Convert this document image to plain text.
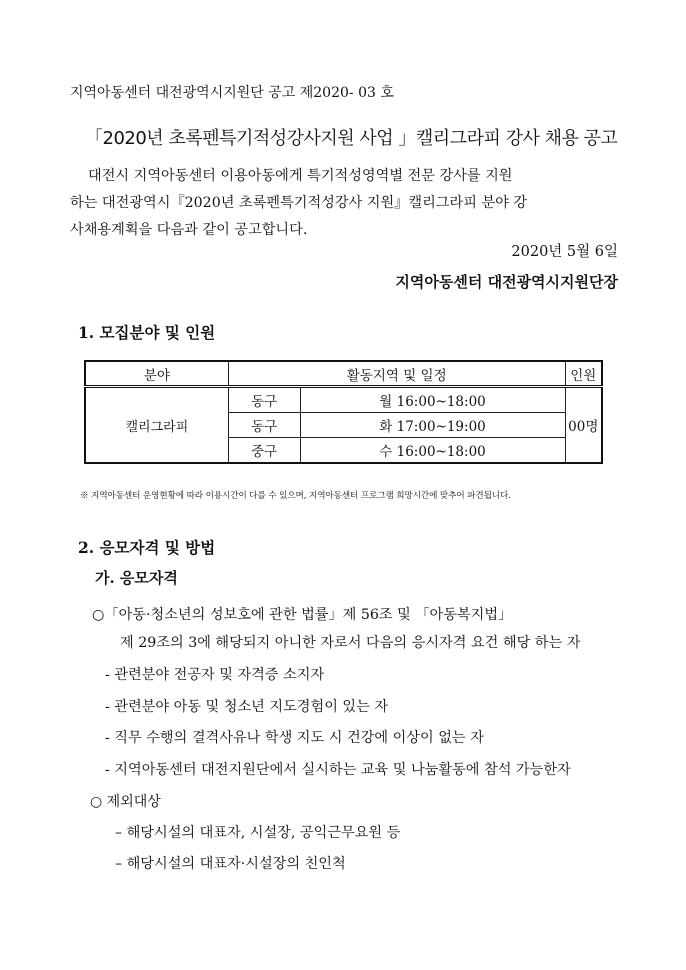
지역아동센터 대전광역시지원단 공고 제2020- 03 호
「2020년 초록펜특기적성강사지원 사업 」캘리그라피 강사 채용 공고

대전시 지역아동센터 이용아동에게 특기적성영역별 전문 강사를 지원

하는 대전광역시『2020년 초록펜특기적성강사 지원』캘리그라피 분야 강

사채용계획을 다음과 같이 공고합니다.

2020년 5월 6일
지역아동센터 대전광역시지원단장
1. 모집분야 및 인원
분야	활동지역 및 일정		인원
캘리그라피	동구	월 16:00~18:00	00명
	동구	화 17:00~19:00	
	중구	수 16:00~18:00	
※ 지역아동센터 운영현황에 따라 이용시간이 다를 수 있으며, 지역아동센터 프로그램 희망시간에 맞추어 파견됩니다.
2. 응모자격 및 방법
가. 응모자격
○「아동·청소년의 성보호에 관한 법률」제 56조 및 「아동복지법」
제 29조의 3에 해당되지 아니한 자로서 다음의 응시자격 요건 해당 하는 자
- 관련분야 전공자 및 자격증 소지자
- 관련분야 아동 및 청소년 지도경험이 있는 자
- 직무 수행의 결격사유나 학생 지도 시 건강에 이상이 없는 자
- 지역아동센터 대전지원단에서 실시하는 교육 및 나눔활동에 참석 가능한자
○ 제외대상
– 해당시설의 대표자, 시설장, 공익근무요원 등
– 해당시설의 대표자·시설장의 친인척
